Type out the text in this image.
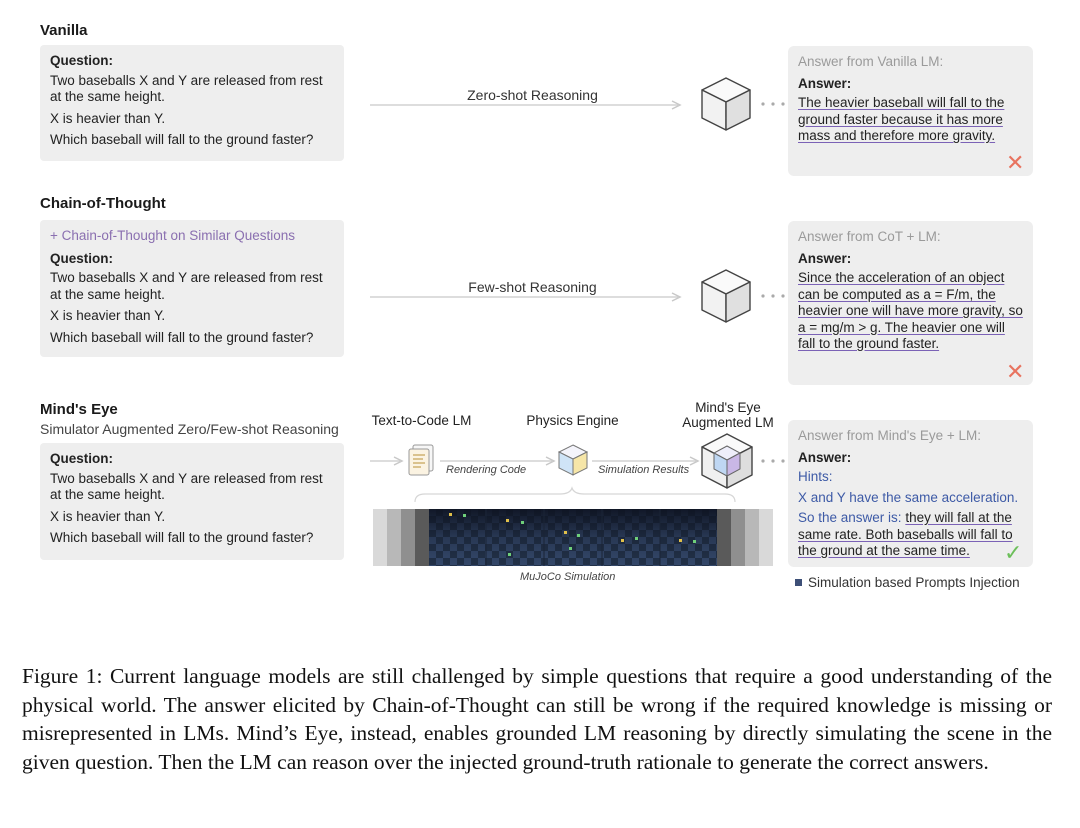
Vanilla
Question:
Two baseballs X and Y are released from rest
at the same height.
X is heavier than Y.
Which baseball will fall to the ground faster?
Zero-shot Reasoning
Answer from Vanilla LM:
Answer:
The heavier baseball will fall to the ground faster because it has more mass and therefore more gravity.
✕
Chain-of-Thought
+ Chain-of-Thought on Similar Questions
Question:
Two baseballs X and Y are released from rest
at the same height.
X is heavier than Y.
Which baseball will fall to the ground faster?
Few-shot Reasoning
Answer from CoT + LM:
Answer:
Since the acceleration of an object can be computed as a = F/m, the heavier one will have more gravity, so a = mg/m > g. The heavier one will fall to the ground faster.
✕
Mind's Eye
Simulator Augmented Zero/Few-shot Reasoning
Question:
Two baseballs X and Y are released from rest
at the same height.
X is heavier than Y.
Which baseball will fall to the ground faster?
Text-to-Code LM	Physics Engine
Mind's Eye Augmented LM
Rendering Code	Simulation Results
MuJoCo Simulation
Answer from Mind's Eye + LM:
Answer:
Hints:
X and Y have the same acceleration.
So the answer is: they will fall at the same rate. Both baseballs will fall to the ground at the same time.	✓
Simulation based Prompts Injection
Figure 1: Current language models are still challenged by simple questions that require a good understanding of the physical world. The answer elicited by Chain-of-Thought can still be wrong if the required knowledge is missing or misrepresented in LMs. Mind’s Eye, instead, enables grounded LM reasoning by directly simulating the scene in the given question. Then the LM can reason over the injected ground-truth rationale to generate the correct answers.
